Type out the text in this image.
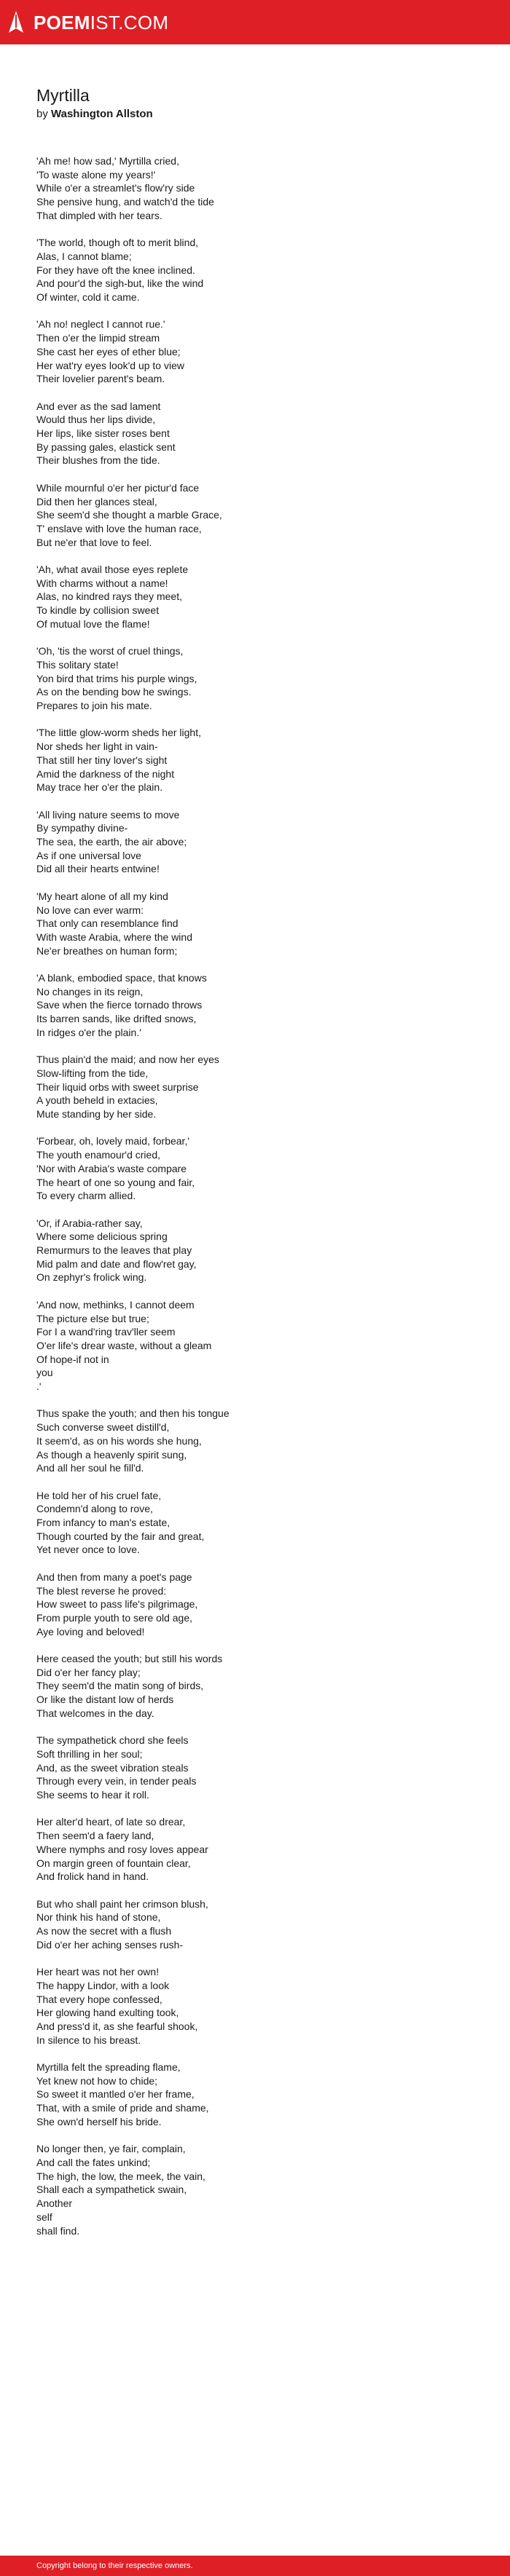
POEMIST.COM
Myrtilla
by Washington Allston
'Ah me! how sad,' Myrtilla cried,
'To waste alone my years!'
While o'er a streamlet's flow'ry side
She pensive hung, and watch'd the tide
That dimpled with her tears.
'The world, though oft to merit blind,
Alas, I cannot blame;
For they have oft the knee inclined.
And pour'd the sigh-but, like the wind
Of winter, cold it came.
'Ah no! neglect I cannot rue.'
Then o'er the limpid stream
She cast her eyes of ether blue;
Her wat'ry eyes look'd up to view
Their lovelier parent's beam.
And ever as the sad lament
Would thus her lips divide,
Her lips, like sister roses bent
By passing gales, elastick sent
Their blushes from the tide.
While mournful o'er her pictur'd face
Did then her glances steal,
She seem'd she thought a marble Grace,
T' enslave with love the human race,
But ne'er that love to feel.
'Ah, what avail those eyes replete
With charms without a name!
Alas, no kindred rays they meet,
To kindle by collision sweet
Of mutual love the flame!
'Oh, 'tis the worst of cruel things,
This solitary state!
Yon bird that trims his purple wings,
As on the bending bow he swings.
Prepares to join his mate.
'The little glow-worm sheds her light,
Nor sheds her light in vain-
That still her tiny lover's sight
Amid the darkness of the night
May trace her o'er the plain.
'All living nature seems to move
By sympathy divine-
The sea, the earth, the air above;
As if one universal love
Did all their hearts entwine!
'My heart alone of all my kind
No love can ever warm:
That only can resemblance find
With waste Arabia, where the wind
Ne'er breathes on human form;
'A blank, embodied space, that knows
No changes in its reign,
Save when the fierce tornado throws
Its barren sands, like drifted snows,
In ridges o'er the plain.'
Thus plain'd the maid; and now her eyes
Slow-lifting from the tide,
Their liquid orbs with sweet surprise
A youth beheld in extacies,
Mute standing by her side.
'Forbear, oh, lovely maid, forbear,'
The youth enamour'd cried,
'Nor with Arabia's waste compare
The heart of one so young and fair,
To every charm allied.
'Or, if Arabia-rather say,
Where some delicious spring
Remurmurs to the leaves that play
Mid palm and date and flow'ret gay,
On zephyr's frolick wing.
'And now, methinks, I cannot deem
The picture else but true;
For I a wand'ring trav'ller seem
O'er life's drear waste, without a gleam
Of hope-if not in
you
.'
Thus spake the youth; and then his tongue
Such converse sweet distill'd,
It seem'd, as on his words she hung,
As though a heavenly spirit sung,
And all her soul he fill'd.
He told her of his cruel fate,
Condemn'd along to rove,
From infancy to man's estate,
Though courted by the fair and great,
Yet never once to love.
And then from many a poet's page
The blest reverse he proved:
How sweet to pass life's pilgrimage,
From purple youth to sere old age,
Aye loving and beloved!
Here ceased the youth; but still his words
Did o'er her fancy play;
They seem'd the matin song of birds,
Or like the distant low of herds
That welcomes in the day.
The sympathetick chord she feels
Soft thrilling in her soul;
And, as the sweet vibration steals
Through every vein, in tender peals
She seems to hear it roll.
Her alter'd heart, of late so drear,
Then seem'd a faery land,
Where nymphs and rosy loves appear
On margin green of fountain clear,
And frolick hand in hand.
But who shall paint her crimson blush,
Nor think his hand of stone,
As now the secret with a flush
Did o'er her aching senses rush-
Her heart was not her own!
The happy Lindor, with a look
That every hope confessed,
Her glowing hand exulting took,
And press'd it, as she fearful shook,
In silence to his breast.
Myrtilla felt the spreading flame,
Yet knew not how to chide;
So sweet it mantled o'er her frame,
That, with a smile of pride and shame,
She own'd herself his bride.
No longer then, ye fair, complain,
And call the fates unkind;
The high, the low, the meek, the vain,
Shall each a sympathetick swain,
Another
self
shall find.
Copyright belong to their respective owners.
